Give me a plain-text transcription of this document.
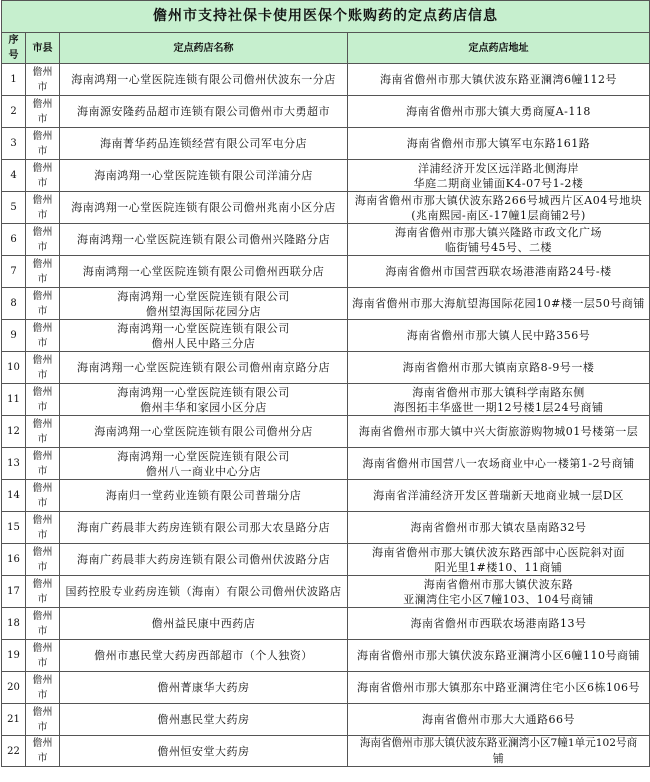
儋州市支持社保卡使用医保个账购药的定点药店信息			
序号	市县	定点药店名称	定点药店地址
1	儋州市	海南鸿翔一心堂医院连锁有限公司儋州伏波东一分店	海南省儋州市那大镇伏波东路亚澜湾6幢112号

2	儋州市	海南源安隆药品超市连锁有限公司儋州市大勇超市	海南省儋州市那大镇大勇商厦A-118

3	儋州市	海南菁华药品连锁经营有限公司军屯分店	海南省儋州市那大镇军屯东路161路

4	儋州市	海南鸿翔一心堂医院连锁有限公司洋浦分店	洋浦经济开发区远洋路北侧海岸
华庭二期商业铺面K4-07号1-2楼

5	儋州市	海南鸿翔一心堂医院连锁有限公司儋州兆南小区分店	海南省儋州市那大镇伏波东路266号城西片区A04号地块
(兆南熙园-南区-17幢1层商铺2号)

6	儋州市	海南鸿翔一心堂医院连锁有限公司儋州兴隆路分店	海南省儋州市那大镇兴隆路市政文化广场
临街铺号45号、二楼

7	儋州市	海南鸿翔一心堂医院连锁有限公司儋州西联分店	海南省儋州市国营西联农场港港南路24号-楼

8	儋州市	海南鸿翔一心堂医院连锁有限公司
儋州望海国际花园分店	海南省儋州市那大海航望海国际花园10#楼一层50号商铺

9	儋州市	海南鸿翔一心堂医院连锁有限公司
儋州人民中路三分店	海南省儋州市那大镇人民中路356号

10	儋州市	海南鸿翔一心堂医院连锁有限公司儋州南京路分店	海南省儋州市那大镇南京路8-9号一楼

11	儋州市	海南鸿翔一心堂医院连锁有限公司
儋州丰华和家园小区分店	海南省儋州市那大镇科学南路东侧
海图拓丰华盛世一期12号楼1层24号商铺

12	儋州市	海南鸿翔一心堂医院连锁有限公司儋州分店	海南省儋州市那大镇中兴大街旅游购物城01号楼第一层

13	儋州市	海南鸿翔一心堂医院连锁有限公司
儋州八一商业中心分店	海南省儋州市国营八一农场商业中心一楼第1-2号商铺

14	儋州市	海南归一堂药业连锁有限公司普瑞分店	海南省洋浦经济开发区普瑞新天地商业城一层D区

15	儋州市	海南广药晨菲大药房连锁有限公司那大农垦路分店	海南省儋州市那大镇农垦南路32号

16	儋州市	海南广药晨菲大药房连锁有限公司儋州伏波路分店	海南省儋州市那大镇伏波东路西部中心医院斜对面
阳光里1#楼10、11商铺

17	儋州市	国药控股专业药房连锁（海南）有限公司儋州伏波路店	海南省儋州市那大镇伏波东路
亚澜湾住宅小区7幢103、104号商铺

18	儋州市	儋州益民康中西药店	海南省儋州市西联农场港南路13号

19	儋州市	儋州市惠民堂大药房西部超市（个人独资）	海南省儋州市那大镇伏波东路亚澜湾小区6幢110号商铺

20	儋州市	儋州菁康华大药房	海南省儋州市那大镇那东中路亚澜湾住宅小区6栋106号

21	儋州市	儋州惠民堂大药房	海南省儋州市那大大通路66号

22	儋州市	儋州恒安堂大药房	海南省儋州市那大镇伏波东路亚澜湾小区7幢1单元102号商
铺
